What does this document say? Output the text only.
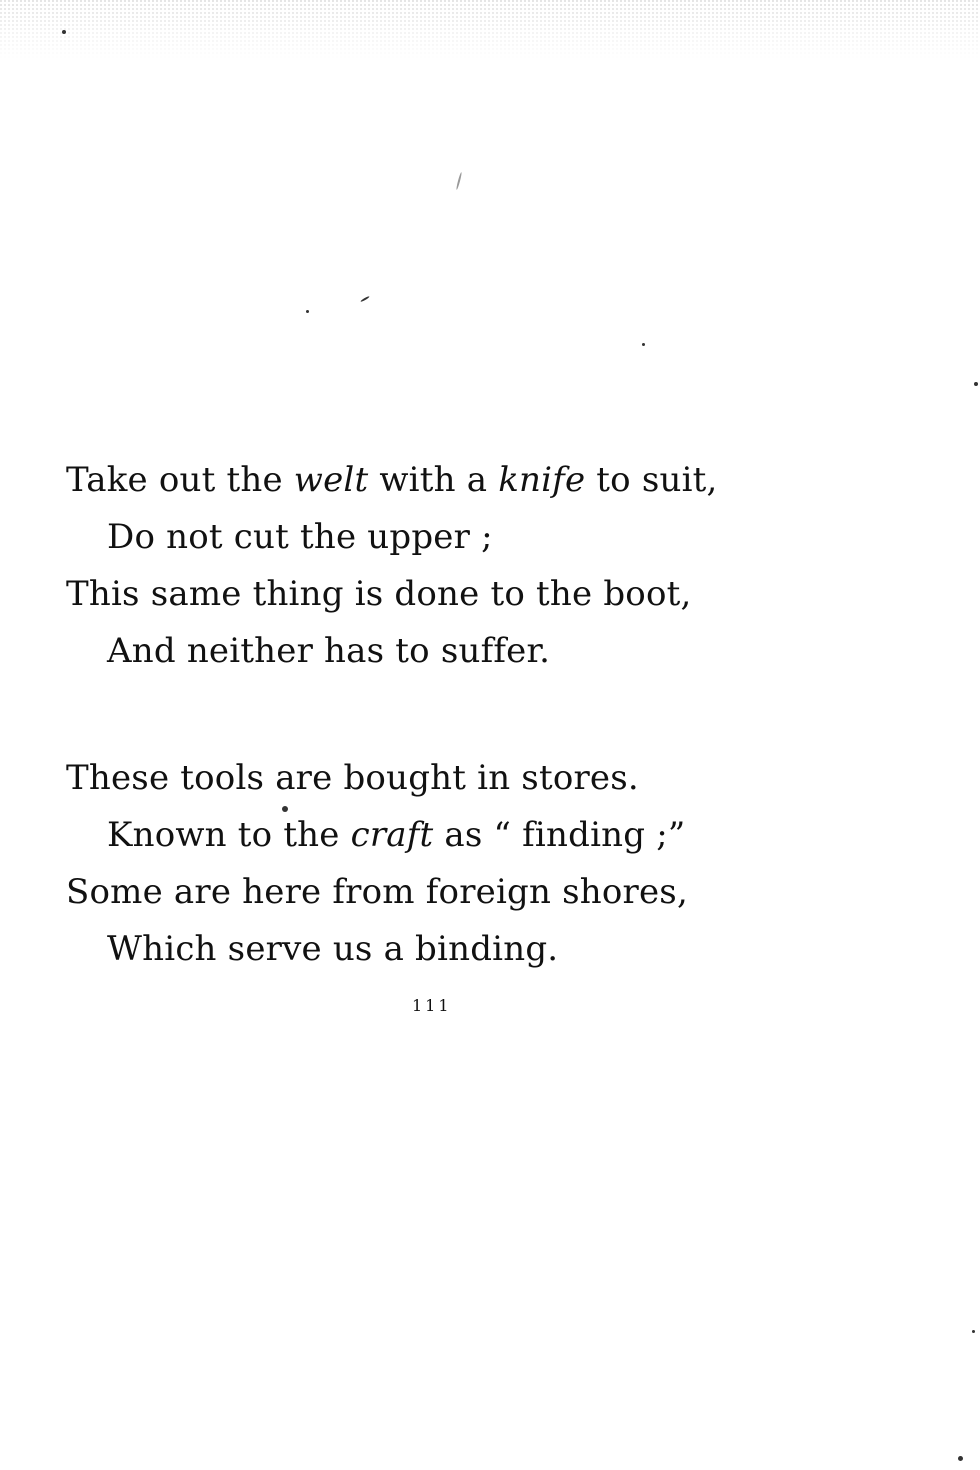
Take out the welt with a knife to suit,
Do not cut the upper ;
This same thing is done to the boot,
And neither has to suffer.
These tools are bought in stores.
Known to the craft as “ finding ;”
Some are here from foreign shores,
Which serve us a binding.
111
